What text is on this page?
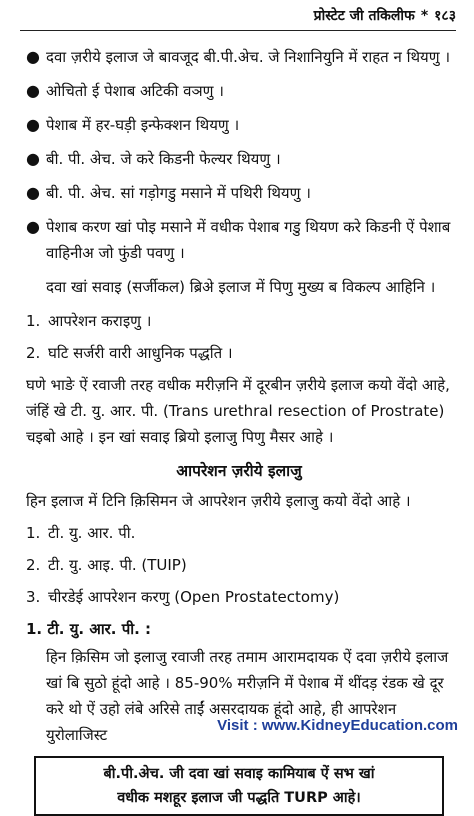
प्रोस्टेट जी तकिलीफ * १८३
● दवा ज़रीये इलाज जे बावजूद बी.पी.अेच. जे निशानियुनि में राहत न थियणु ।
● ओचितो ई पेशाब अटिकी वञणु ।
● पेशाब में हर-घड़ी इन्फेक्शन थियणु ।
● बी. पी. अेच. जे करे किडनी फेल्यर थियणु ।
● बी. पी. अेच. सां गड़ोगडु मसाने में पथिरी थियणु ।
● पेशाब करण खां पोइ मसाने में वधीक पेशाब गडु थियण करे किडनी ऐं पेशाब वाहिनीअ जो फुंडी पवणु ।
दवा खां सवाइ (सर्जीकल) ब्रिअे इलाज में पिणु मुख्य ब विकल्प आहिनि ।
1. आपरेशन कराइणु ।
2. घटि सर्जरी वारी आधुनिक पद्धति ।

घणे भाङे ऐं रवाजी तरह वधीक मरीज़नि में दूरबीन ज़रीये इलाज कयो वेंदो आहे, जंहिं खे टी. यु. आर. पी. (Trans urethral resection of Prostrate) चइबो आहे । इन खां सवाइ ब्रियो इलाजु पिणु मैसर आहे ।

आपरेशन ज़रीये इलाजु

हिन इलाज में टिनि क़िसिमन जे आपरेशन ज़रीये इलाजु कयो वेंदो आहे ।

1. टी. यु. आर. पी.
2. टी. यु. आइ. पी. (TUIP)
3. चीरडेई आपरेशन करणु (Open Prostatectomy)
1. टी. यु. आर. पी. :

हिन क़िसिम जो इलाजु रवाजी तरह तमाम आरामदायक ऐं दवा ज़रीये इलाज खां बि सुठो हूंदो आहे । 85-90% मरीज़नि में पेशाब में थींदड़ रंडक खे दूर करे थो ऐं उहो लंबे अरिसे ताईं असरदायक हूंदो आहे, ही आपरेशन युरोलाजिस्ट

बी.पी.अेच. जी दवा खां सवाइ कामियाब ऐं सभ खां
वधीक मशहूर इलाज जी पद्धति TURP आहे।
Visit : www.KidneyEducation.com
